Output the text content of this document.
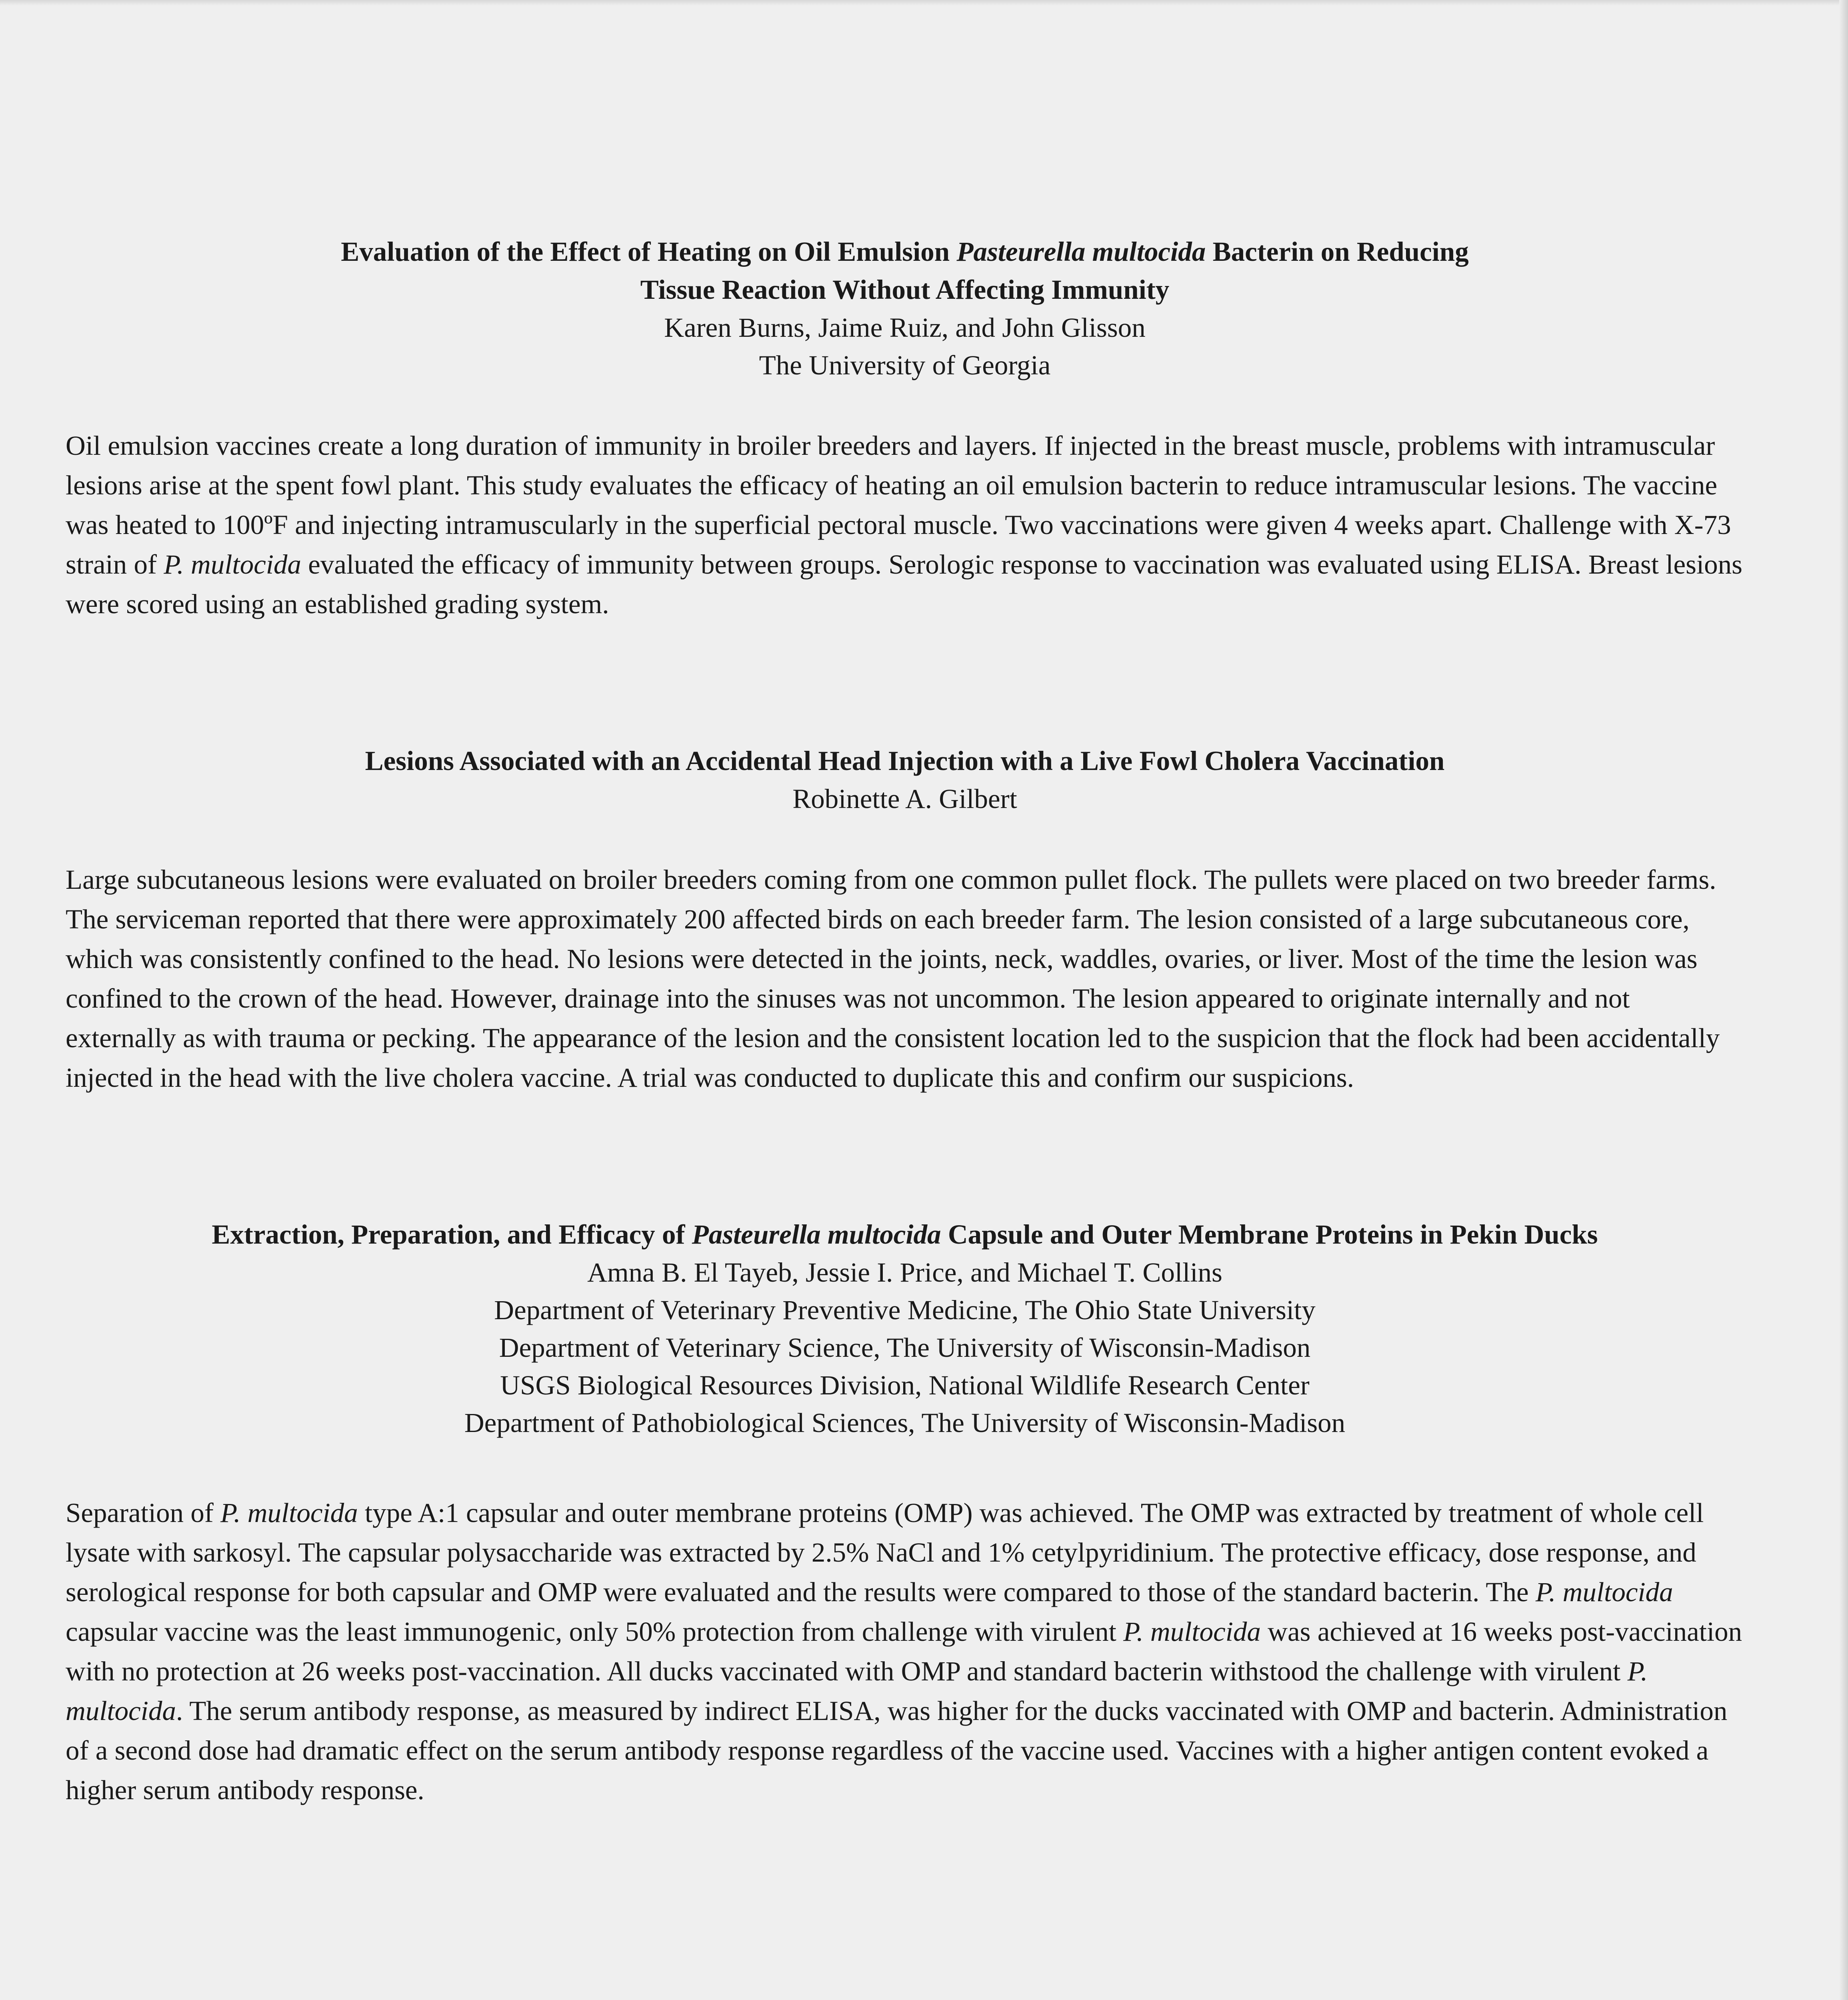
Evaluation of the Effect of Heating on Oil Emulsion Pasteurella multocida Bacterin on Reducing
Tissue Reaction Without Affecting Immunity
Karen Burns, Jaime Ruiz, and John Glisson
The University of Georgia
Oil emulsion vaccines create a long duration of immunity in broiler breeders and layers. If injected in the breast muscle, problems with intramuscular lesions arise at the spent fowl plant. This study evaluates the efficacy of heating an oil emulsion bacterin to reduce intramuscular lesions. The vaccine was heated to 100ºF and injecting intramuscularly in the superficial pectoral muscle. Two vaccinations were given 4 weeks apart. Challenge with X-73 strain of P. multocida evaluated the efficacy of immunity between groups. Serologic response to vaccination was evaluated using ELISA. Breast lesions were scored using an established grading system.
Lesions Associated with an Accidental Head Injection with a Live Fowl Cholera Vaccination
Robinette A. Gilbert
Large subcutaneous lesions were evaluated on broiler breeders coming from one common pullet flock. The pullets were placed on two breeder farms. The serviceman reported that there were approximately 200 affected birds on each breeder farm. The lesion consisted of a large subcutaneous core, which was consistently confined to the head. No lesions were detected in the joints, neck, waddles, ovaries, or liver. Most of the time the lesion was confined to the crown of the head. However, drainage into the sinuses was not uncommon. The lesion appeared to originate internally and not externally as with trauma or pecking. The appearance of the lesion and the consistent location led to the suspicion that the flock had been accidentally injected in the head with the live cholera vaccine. A trial was conducted to duplicate this and confirm our suspicions.
Extraction, Preparation, and Efficacy of Pasteurella multocida Capsule and Outer Membrane Proteins in Pekin Ducks
Amna B. El Tayeb, Jessie I. Price, and Michael T. Collins
Department of Veterinary Preventive Medicine, The Ohio State University
Department of Veterinary Science, The University of Wisconsin-Madison
USGS Biological Resources Division, National Wildlife Research Center
Department of Pathobiological Sciences, The University of Wisconsin-Madison
Separation of P. multocida type A:1 capsular and outer membrane proteins (OMP) was achieved. The OMP was extracted by treatment of whole cell lysate with sarkosyl. The capsular polysaccharide was extracted by 2.5% NaCl and 1% cetylpyridinium. The protective efficacy, dose response, and serological response for both capsular and OMP were evaluated and the results were compared to those of the standard bacterin. The P. multocida capsular vaccine was the least immunogenic, only 50% protection from challenge with virulent P. multocida was achieved at 16 weeks post-vaccination with no protection at 26 weeks post-vaccination. All ducks vaccinated with OMP and standard bacterin withstood the challenge with virulent P. multocida. The serum antibody response, as measured by indirect ELISA, was higher for the ducks vaccinated with OMP and bacterin. Administration of a second dose had dramatic effect on the serum antibody response regardless of the vaccine used. Vaccines with a higher antigen content evoked a higher serum antibody response.
